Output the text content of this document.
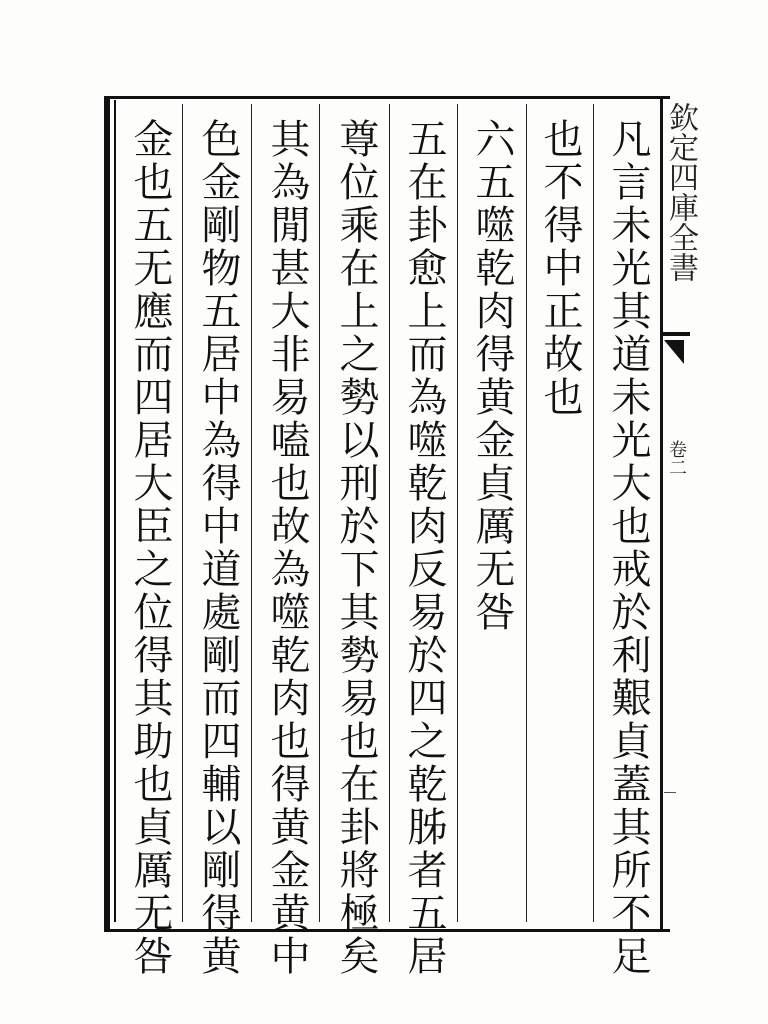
凡言未光其道未光大也戒於利艱貞蓋其所不足
也不得中正故也
六五噬乾肉得黄金貞厲无咎
五在卦愈上而為噬乾肉反易於四之乾胏者五居
尊位乘在上之勢以刑於下其勢易也在卦將極矣
其為閒甚大非易嗑也故為噬乾肉也得黄金黄中
色金剛物五居中為得中道處剛而四輔以剛得黄
金也五无應而四居大臣之位得其助也貞厲无咎	欽定四庫全書
卷二
